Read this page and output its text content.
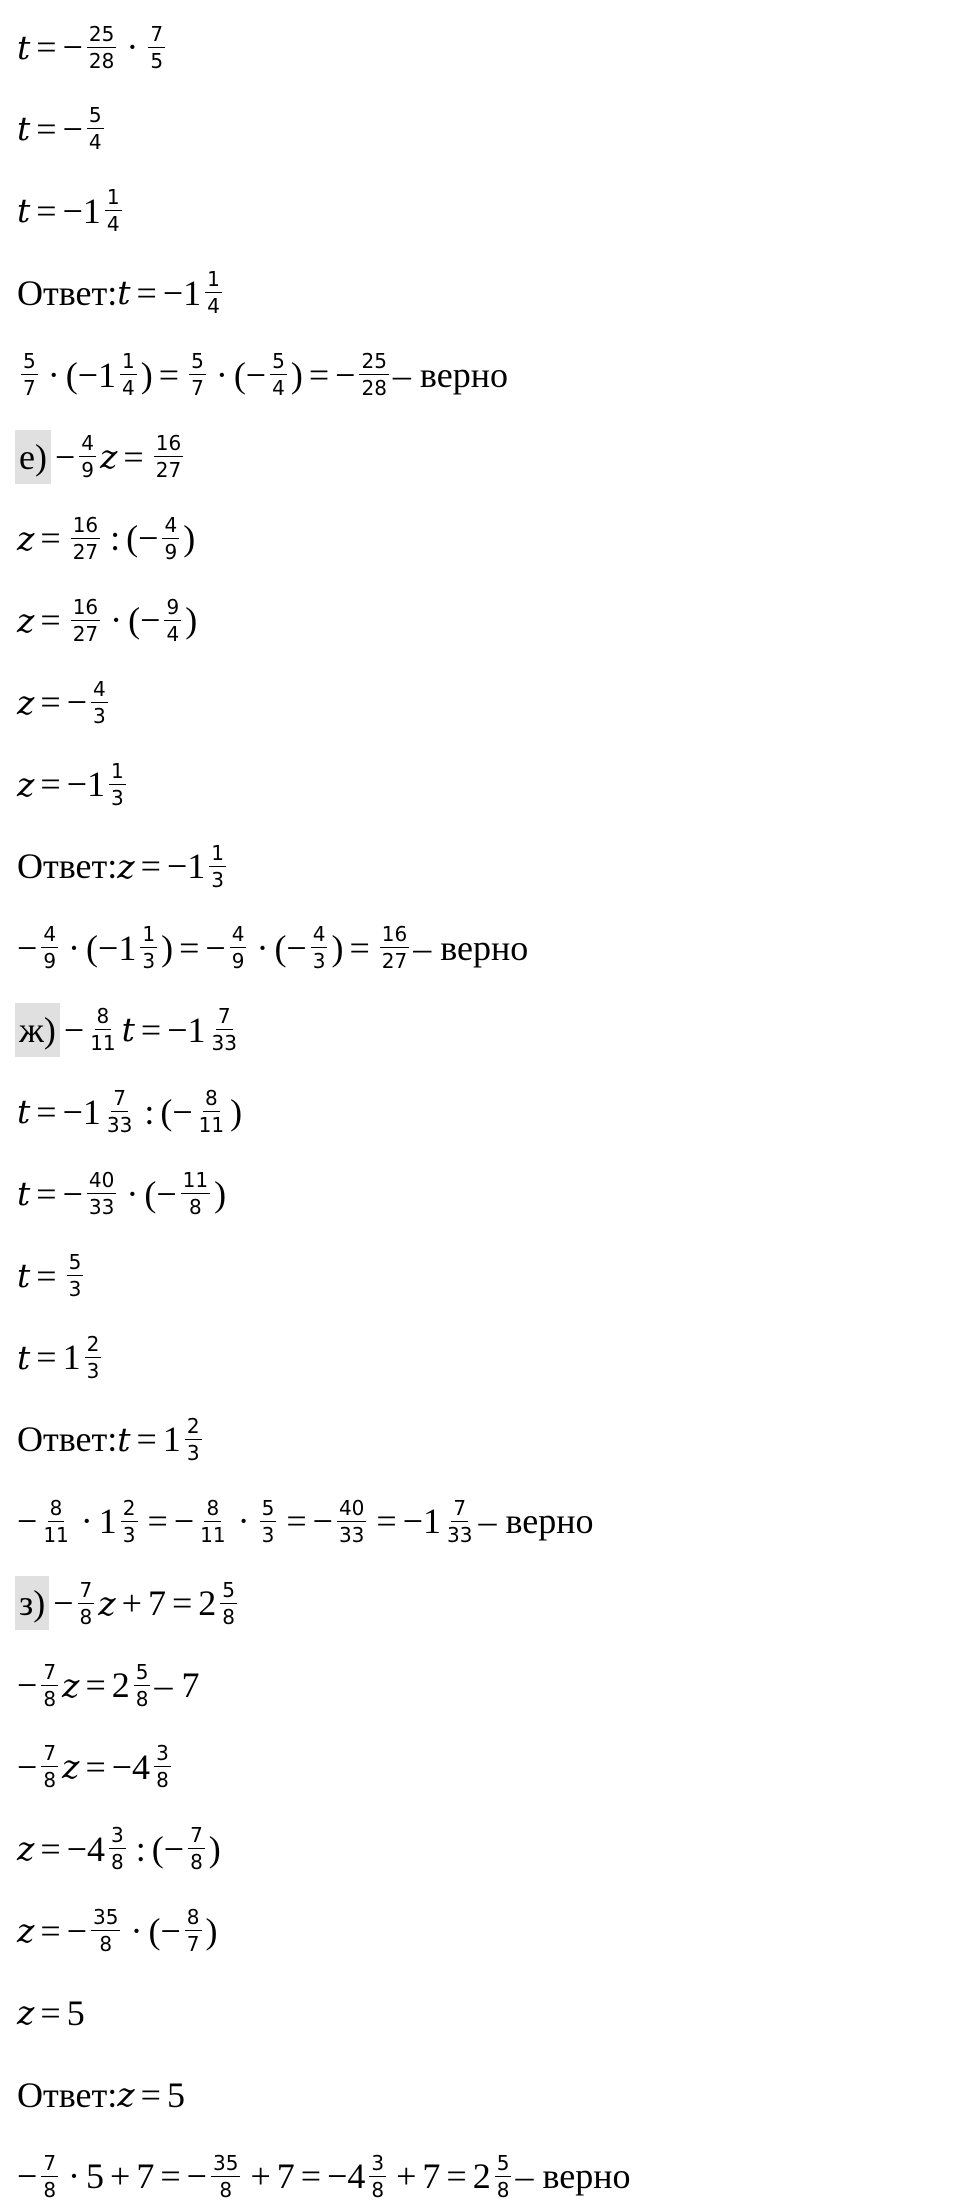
t = − $\frac{25}{28} \cdot \frac{7}{5}$
t = − $\frac{5}{4}$
$t = -1 \frac{1}{4}$
Ответ: $t = -1 \frac{1}{4}$
$\frac{5}{7} \cdot (-1 \frac{1}{4}$ ) = $\frac{5}{7}$ · (− $\frac{5}{4}$ ) = − $\frac{25}{28}$ – верно
$е) - \frac{4}{9}$ $z = \frac{16}{27}$
$z = \frac{16}{27}$ : (− $\frac{4}{9}$ )
$z = \frac{16}{27}$ · (− $\frac{9}{4}$ )
z = − $\frac{4}{3}$
$z = -1 \frac{1}{3}$
Ответ: $z = -1 \frac{1}{3}$
− $\frac{4}{9} \cdot (-1 \frac{1}{3}$ ) = − $\frac{4}{9}$ · (− $\frac{4}{3}$ ) = $\frac{16}{27}$ – верно
$ж) - \frac{8}{11}$ $t = -1 \frac{7}{33}$
$t = -1 \frac{7}{33}$ : (− $\frac{8}{11}$ )
t = − $\frac{40}{33}$ · (− $\frac{11}{8}$ )
$t = \frac{5}{3}$
$t = 1 \frac{2}{3}$
Ответ: $t = 1 \frac{2}{3}$
− $\frac{8}{11} \cdot 1 \frac{2}{3}$ = − $\frac{8}{11} \cdot \frac{5}{3}$ = − $\frac{40}{33} = -1 \frac{7}{33}$ – верно
$з) - \frac{7}{8}$ $z + 7 = 2 \frac{5}{8}$
− $\frac{7}{8}$ $z = 2 \frac{5}{8} - 7$
− $\frac{7}{8}$ $z = -4 \frac{3}{8}$
$z = -4 \frac{3}{8}$ : (− $\frac{7}{8}$ )
z = − $\frac{35}{8}$ · (− $\frac{8}{7}$ )
z = 5
Ответ: z = 5
− $\frac{7}{8} \cdot 5 + 7$ = − $\frac{35}{8} + 7 = -4 \frac{3}{8} + 7 = 2 \frac{5}{8}$ – верно
